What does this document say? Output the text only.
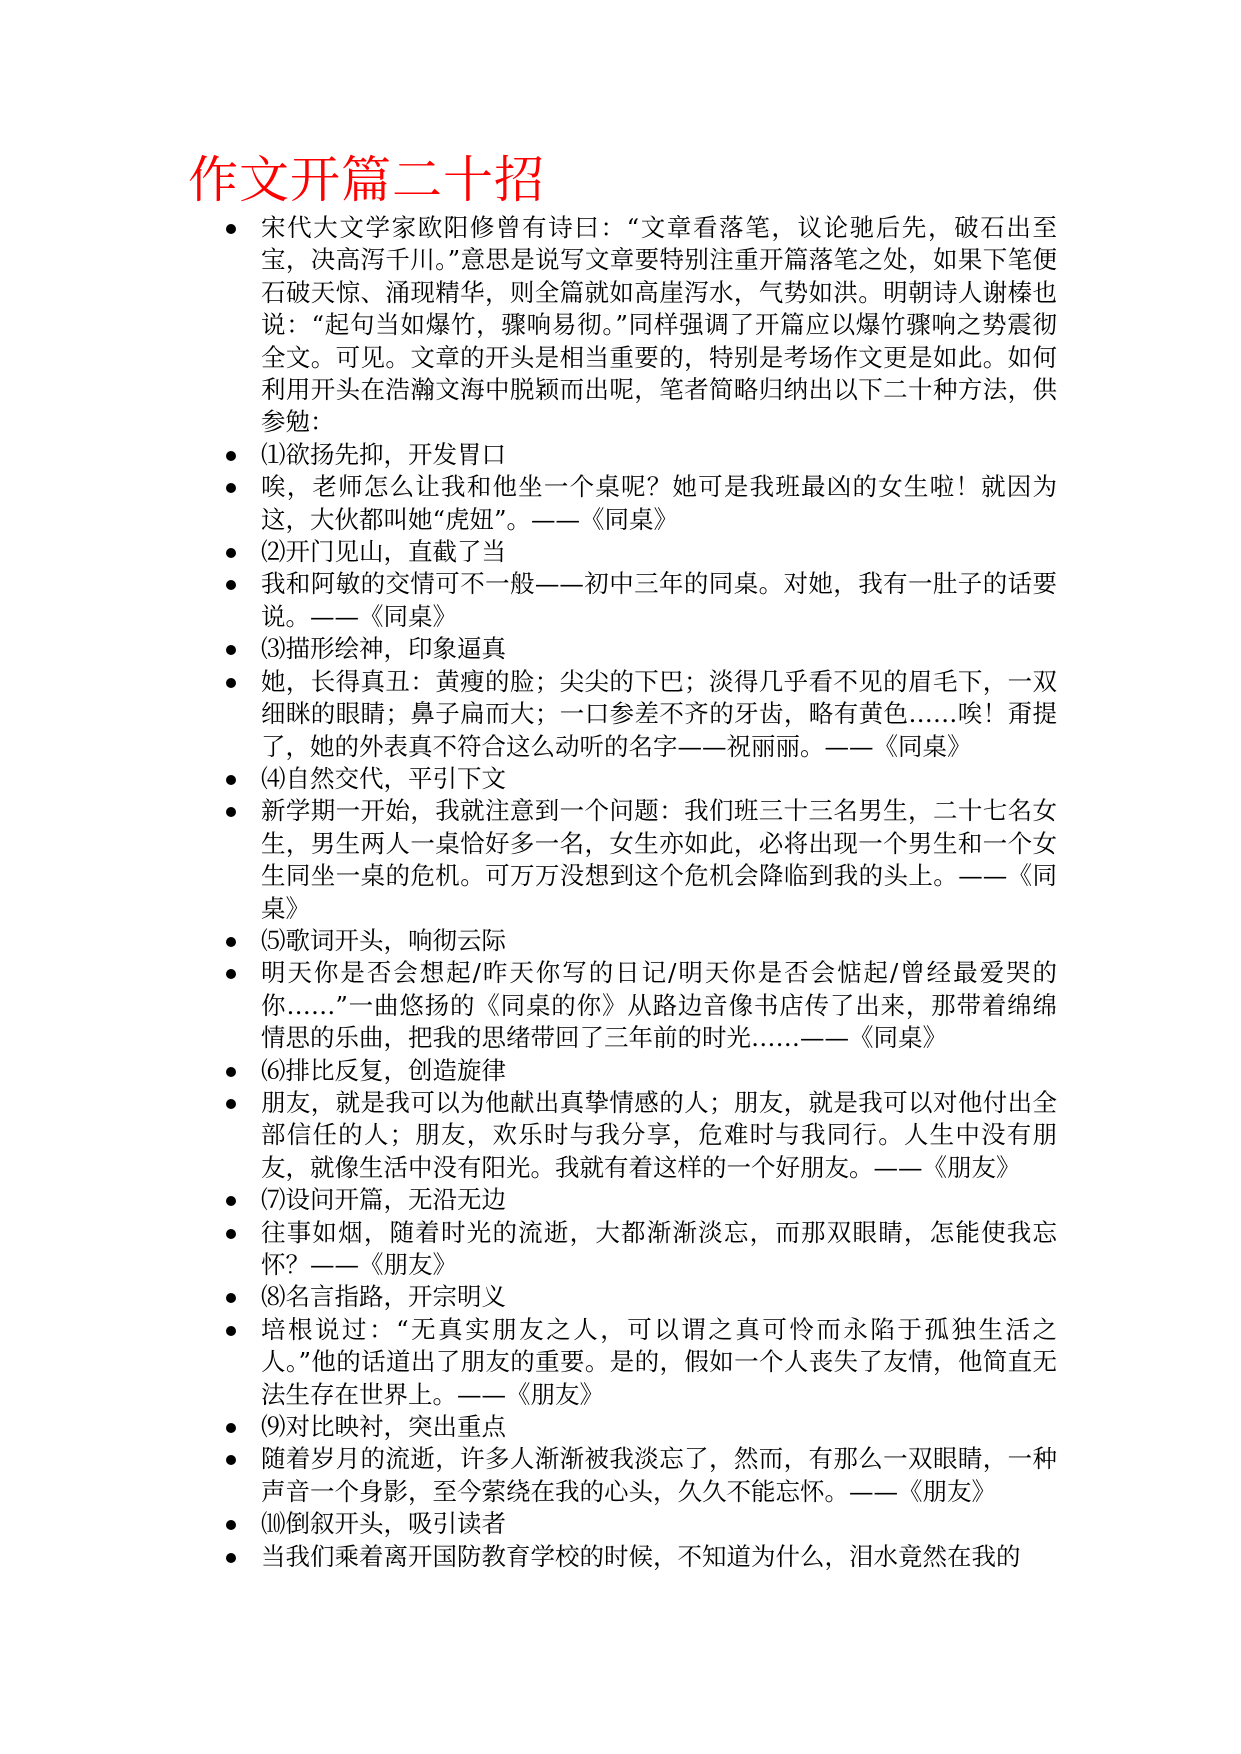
作文开篇二十招
宋代大文学家欧阳修曾有诗曰：“文章看落笔，议论驰后先，破石出至宝，决高泻千川。”意思是说写文章要特别注重开篇落笔之处，如果下笔便石破天惊、涌现精华，则全篇就如高崖泻水，气势如洪。明朝诗人谢榛也说：“起句当如爆竹，骤响易彻。”同样强调了开篇应以爆竹骤响之势震彻全文。可见。文章的开头是相当重要的，特别是考场作文更是如此。如何利用开头在浩瀚文海中脱颖而出呢，笔者简略归纳出以下二十种方法，供参勉：
⑴欲扬先抑，开发胃口
唉，老师怎么让我和他坐一个桌呢？她可是我班最凶的女生啦！就因为这，大伙都叫她“虎妞”。——《同桌》
⑵开门见山，直截了当
我和阿敏的交情可不一般——初中三年的同桌。对她，我有一肚子的话要说。——《同桌》
⑶描形绘神，印象逼真
她，长得真丑：黄瘦的脸；尖尖的下巴；淡得几乎看不见的眉毛下，一双细眯的眼睛；鼻子扁而大；一口参差不齐的牙齿，略有黄色……唉！甭提了，她的外表真不符合这么动听的名字——祝丽丽。——《同桌》
⑷自然交代，平引下文
新学期一开始，我就注意到一个问题：我们班三十三名男生，二十七名女生，男生两人一桌恰好多一名，女生亦如此，必将出现一个男生和一个女生同坐一桌的危机。可万万没想到这个危机会降临到我的头上。——《同桌》
⑸歌词开头，响彻云际
明天你是否会想起/昨天你写的日记/明天你是否会惦起/曾经最爱哭的你……”一曲悠扬的《同桌的你》从路边音像书店传了出来，那带着绵绵情思的乐曲，把我的思绪带回了三年前的时光……——《同桌》
⑹排比反复，创造旋律
朋友，就是我可以为他献出真挚情感的人；朋友，就是我可以对他付出全部信任的人；朋友，欢乐时与我分享，危难时与我同行。人生中没有朋友，就像生活中没有阳光。我就有着这样的一个好朋友。——《朋友》
⑺设问开篇，无沿无边
往事如烟，随着时光的流逝，大都渐渐淡忘，而那双眼睛，怎能使我忘怀？——《朋友》
⑻名言指路，开宗明义
培根说过：“无真实朋友之人，可以谓之真可怜而永陷于孤独生活之人。”他的话道出了朋友的重要。是的，假如一个人丧失了友情，他简直无法生存在世界上。——《朋友》
⑼对比映衬，突出重点
随着岁月的流逝，许多人渐渐被我淡忘了，然而，有那么一双眼睛，一种声音一个身影，至今萦绕在我的心头，久久不能忘怀。——《朋友》
⑽倒叙开头，吸引读者
当我们乘着离开国防教育学校的时候，不知道为什么，泪水竟然在我的
